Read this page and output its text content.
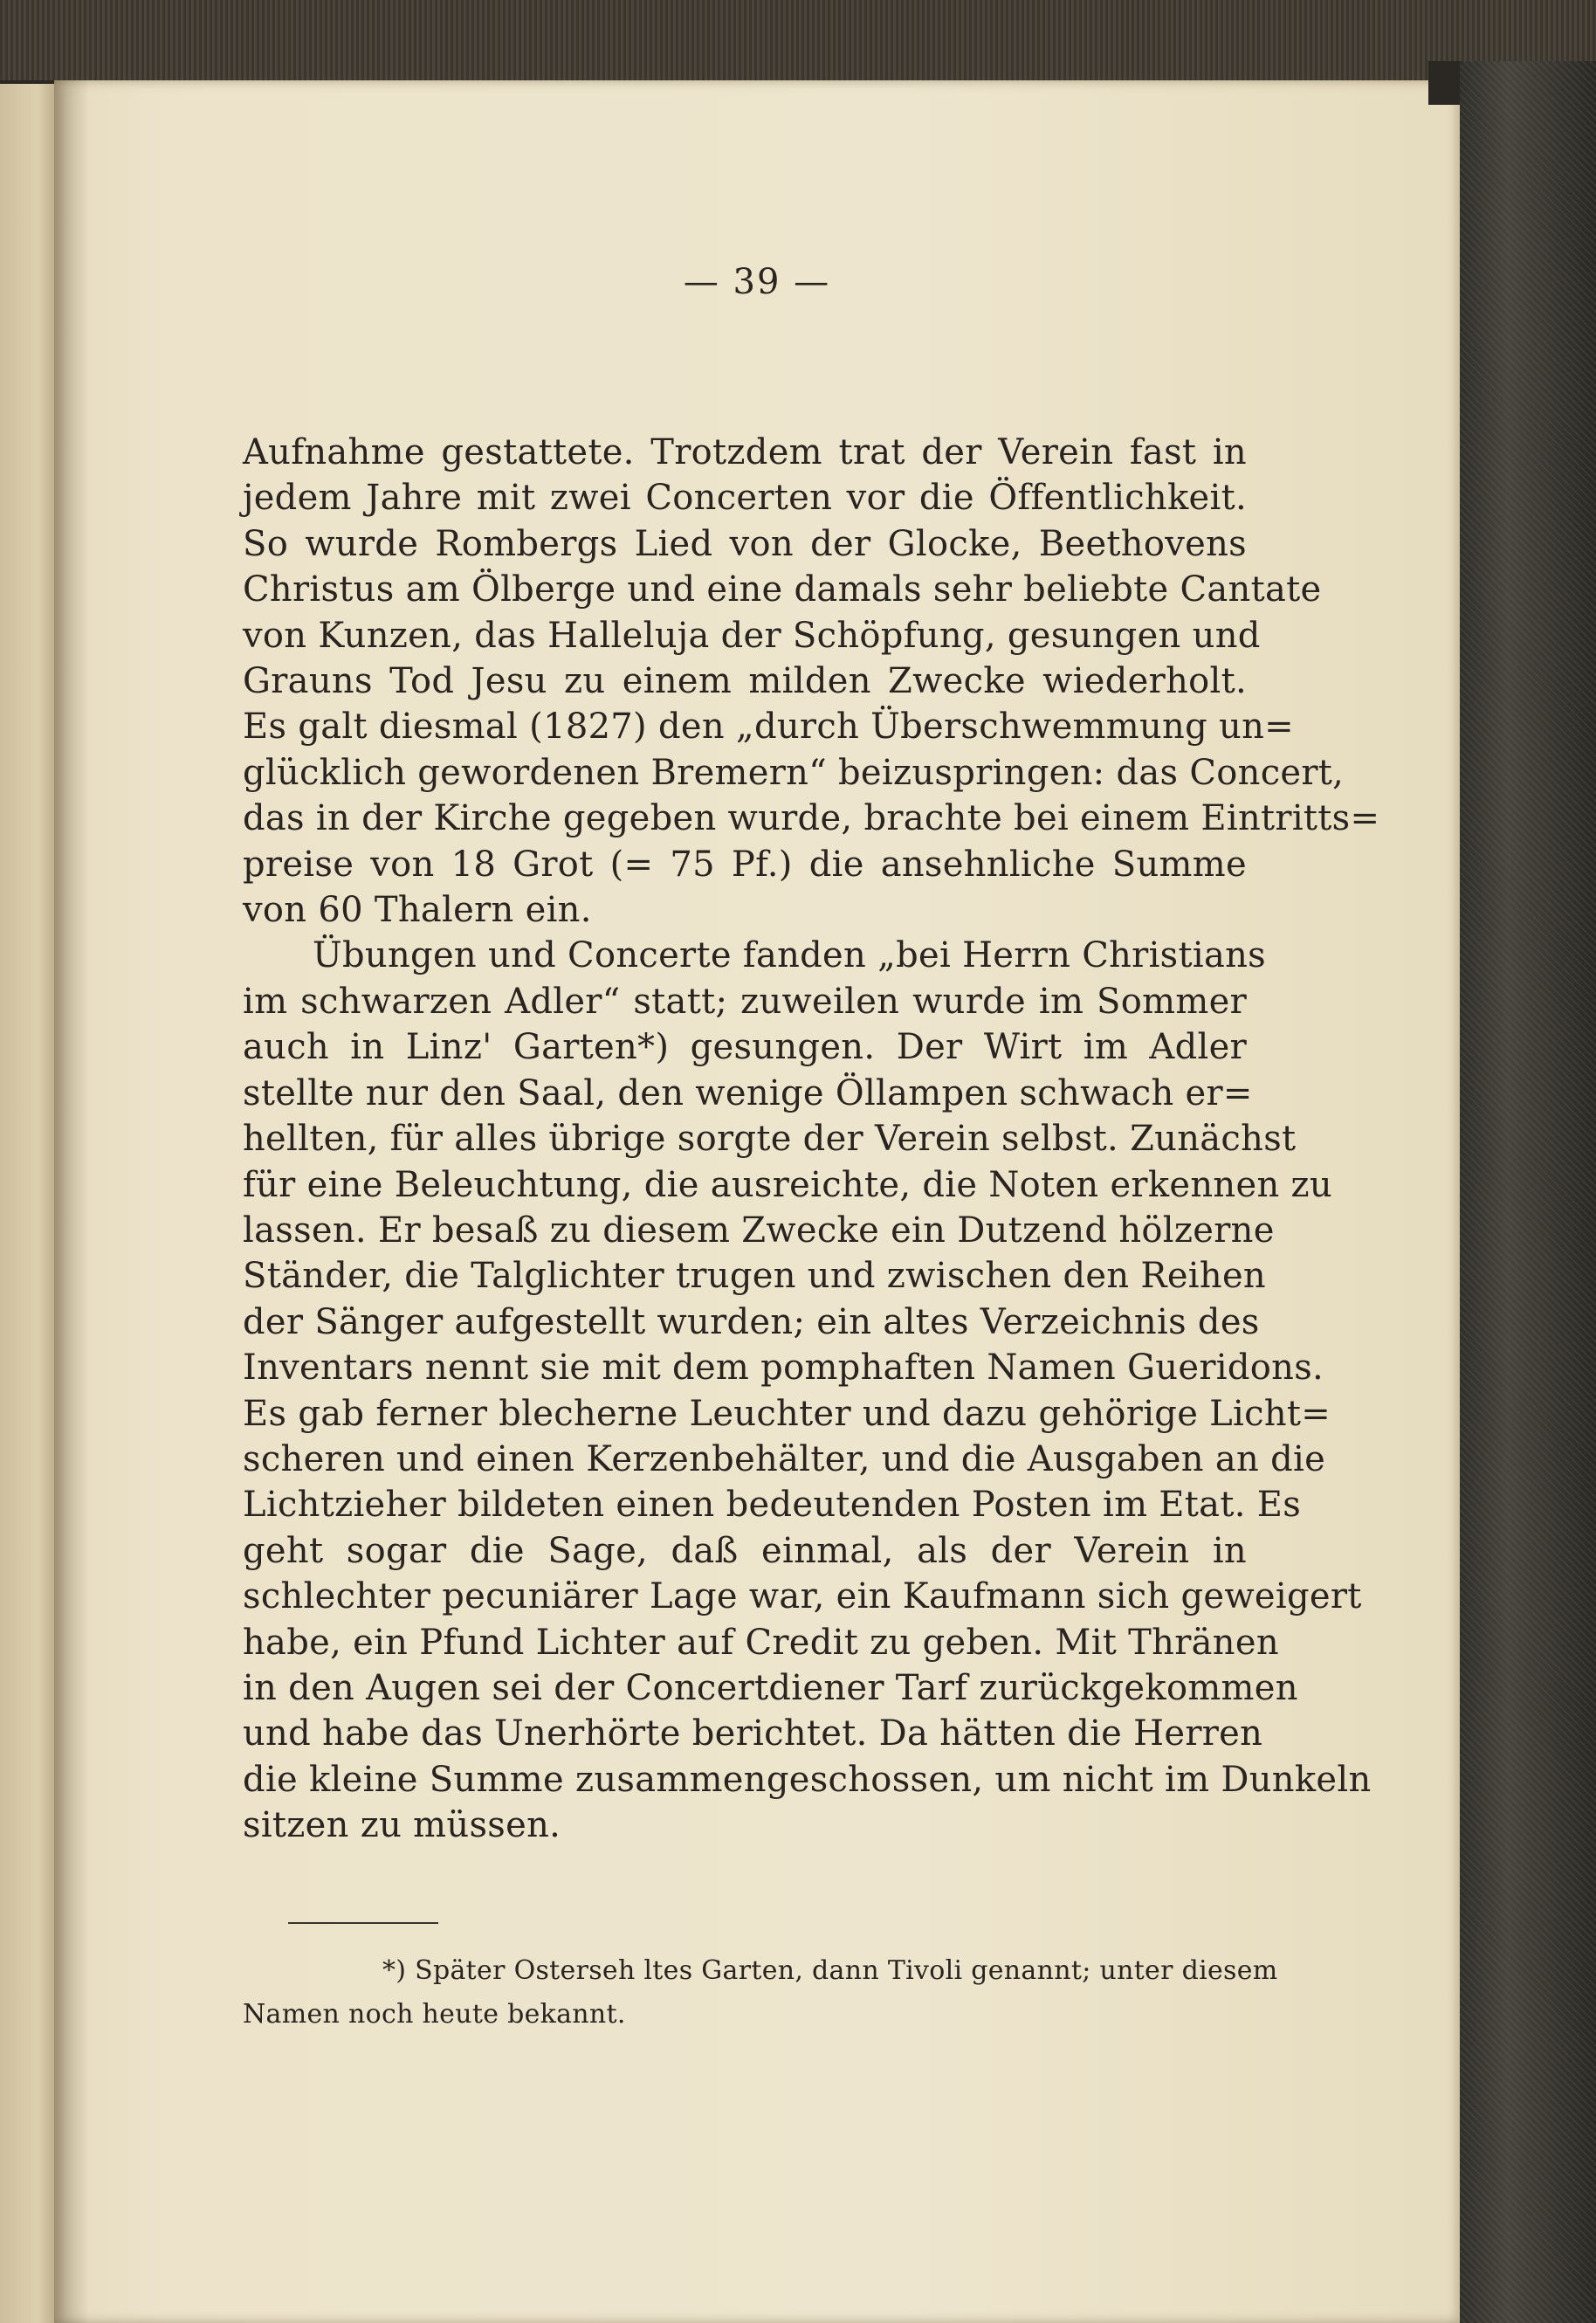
— 39 —
Aufnahme gestattete. Trotzdem trat der Verein fast in
jedem Jahre mit zwei Concerten vor die Öffentlichkeit.
So wurde Rombergs Lied von der Glocke, Beethovens
Christus am Ölberge und eine damals sehr beliebte Cantate
von Kunzen, das Halleluja der Schöpfung, gesungen und
Grauns Tod Jesu zu einem milden Zwecke wiederholt.
Es galt diesmal (1827) den „durch Überschwemmung un=
glücklich gewordenen Bremern“ beizuspringen: das Concert,
das in der Kirche gegeben wurde, brachte bei einem Eintritts=
preise von 18 Grot (= 75 Pf.) die ansehnliche Summe
von 60 Thalern ein.
Übungen und Concerte fanden „bei Herrn Christians
im schwarzen Adler“ statt; zuweilen wurde im Sommer
auch in Linz' Garten*) gesungen. Der Wirt im Adler
stellte nur den Saal, den wenige Öllampen schwach er=
hellten, für alles übrige sorgte der Verein selbst. Zunächst
für eine Beleuchtung, die ausreichte, die Noten erkennen zu
lassen. Er besaß zu diesem Zwecke ein Dutzend hölzerne
Ständer, die Talglichter trugen und zwischen den Reihen
der Sänger aufgestellt wurden; ein altes Verzeichnis des
Inventars nennt sie mit dem pomphaften Namen Gueridons.
Es gab ferner blecherne Leuchter und dazu gehörige Licht=
scheren und einen Kerzenbehälter, und die Ausgaben an die
Lichtzieher bildeten einen bedeutenden Posten im Etat. Es
geht sogar die Sage, daß einmal, als der Verein in
schlechter pecuniärer Lage war, ein Kaufmann sich geweigert
habe, ein Pfund Lichter auf Credit zu geben. Mit Thränen
in den Augen sei der Concertdiener Tarf zurückgekommen
und habe das Unerhörte berichtet. Da hätten die Herren
die kleine Summe zusammengeschossen, um nicht im Dunkeln
sitzen zu müssen.
*) Später Osterseh ltes Garten, dann Tivoli genannt; unter diesem
Namen noch heute bekannt.
